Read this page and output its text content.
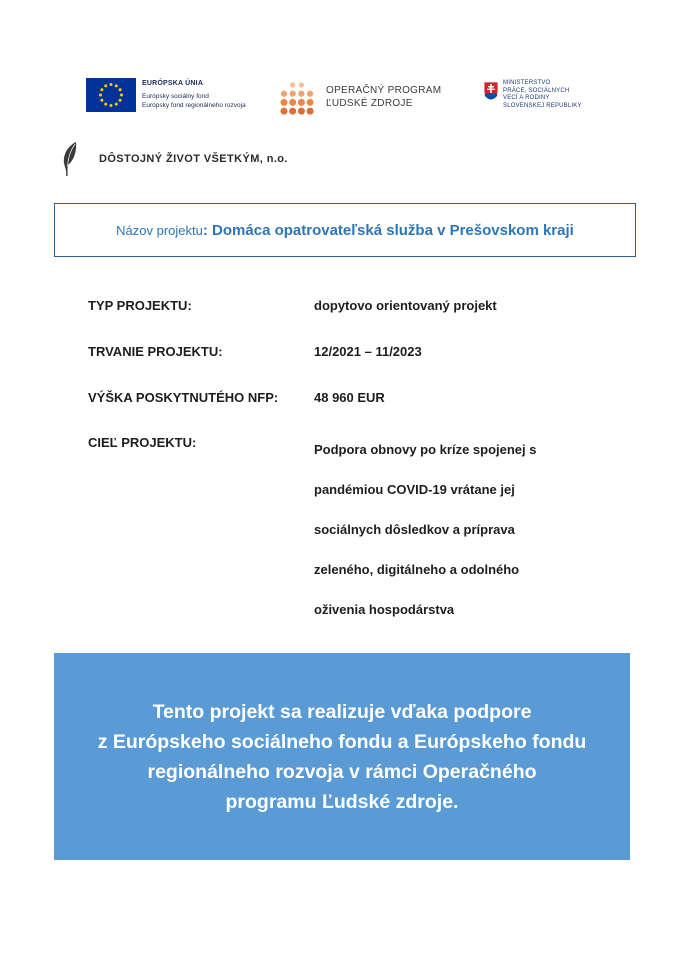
EURÓPSKA ÚNIA
Európsky sociálny fond
Európsky fond regionálneho rozvoja
OPERAČNÝ PROGRAM
ĽUDSKÉ ZDROJE
MINISTERSTVO
PRÁCE, SOCIÁLNYCH
VECÍ A RODINY
SLOVENSKEJ REPUBLIKY
DÔSTOJNÝ ŽIVOT VŠETKÝM, n.o.
Názov projektu : Domáca opatrovateľská služba v Prešovskom kraji
TYP PROJEKTU:	dopytovo orientovaný projekt
TRVANIE PROJEKTU:	12/2021 – 11/2023
VÝŠKA POSKYTNUTÉHO NFP:	48 960 EUR
CIEĽ PROJEKTU:	Podpora obnovy po kríze spojenej s
pandémiou COVID-19 vrátane jej
sociálnych dôsledkov a príprava
zeleného, digitálneho a odolného
oživenia hospodárstva
Tento projekt sa realizuje vďaka podpore
z Európskeho sociálneho fondu a Európskeho fondu
regionálneho rozvoja v rámci Operačného
programu Ľudské zdroje.
